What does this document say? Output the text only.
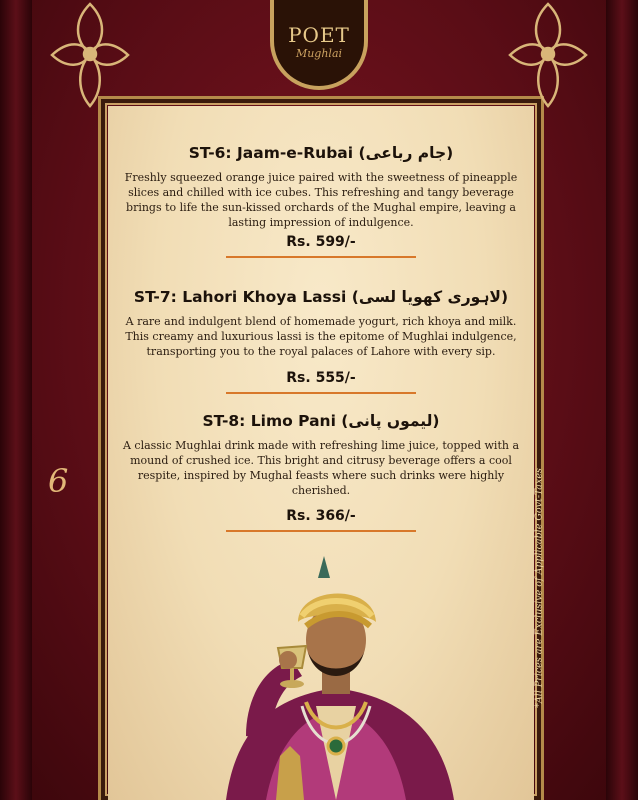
POET
Mughlai
ST-6: Jaam-e-Rubai (جام رباعی)
Freshly squeezed orange juice paired with the sweetness of pineapple slices and chilled with ice cubes. This refreshing and tangy beverage brings to life the sun-kissed orchards of the Mughal empire, leaving a lasting impression of indulgence.
Rs. 599/-
ST-7: Lahori Khoya Lassi (لاہوری کھویا لسی)
A rare and indulgent blend of homemade yogurt, rich khoya and milk. This creamy and luxurious lassi is the epitome of Mughlai indulgence, transporting you to the royal palaces of Lahore with every sip.
Rs. 555/-
ST-8: Limo Pani (لیموں پانی)
A classic Mughlai drink made with refreshing lime juice, topped with a mound of crushed ice. This bright and citrusy beverage offers a cool respite, inspired by Mughal feasts where such drinks were highly cherished.
Rs. 366/-
6	*All Prices are Exclusive of Applicable Govt-Taxes
